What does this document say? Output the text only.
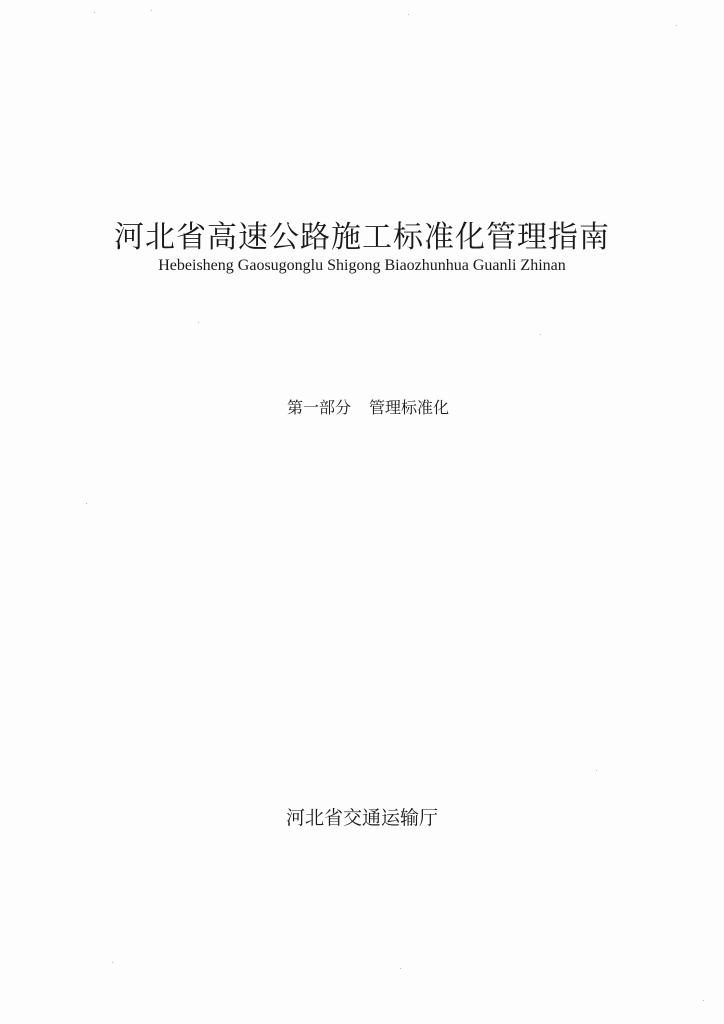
河北省高速公路施工标准化管理指南
Hebeisheng Gaosugonglu Shigong Biaozhunhua Guanli Zhinan
第一部分 管理标准化
河北省交通运输厅
